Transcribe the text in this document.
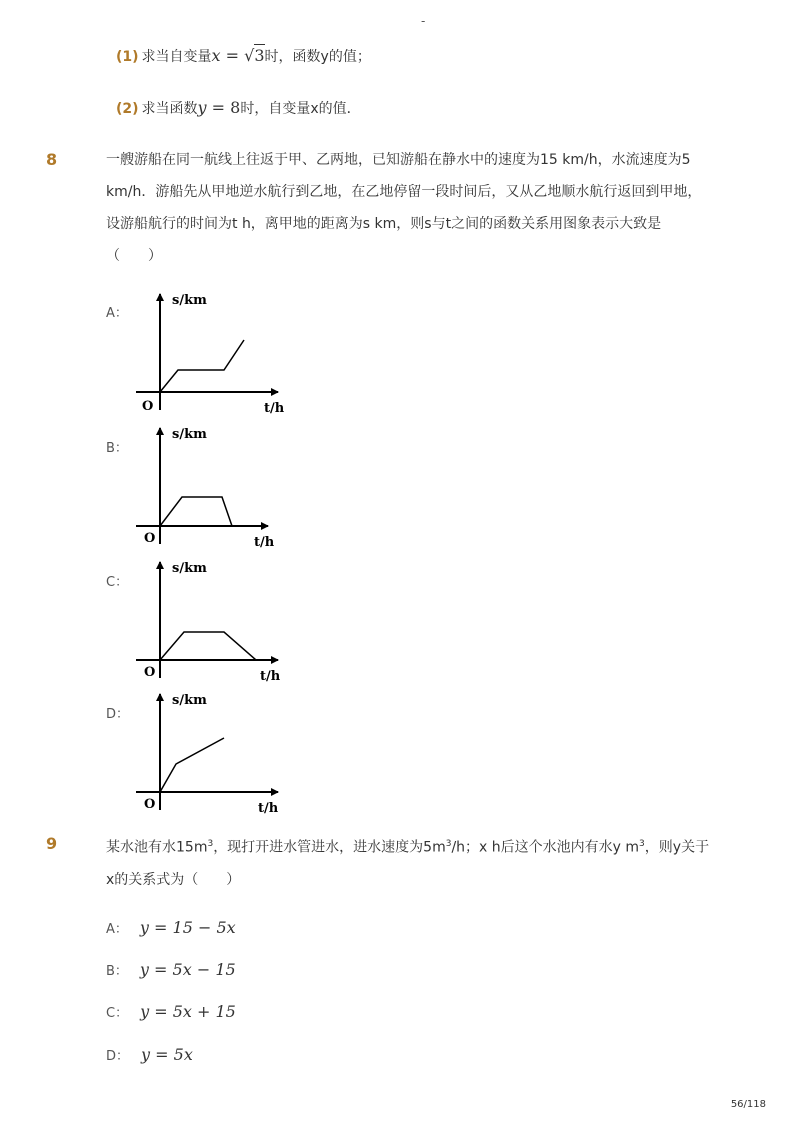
-
(1) 求当自变量x = √3时，函数y的值；
(2) 求当函数y = 8时，自变量x的值．
8	一艘游船在同一航线上往返于甲、乙两地，已知游船在静水中的速度为15 km/h，水流速度为5
km/h．游船先从甲地逆水航行到乙地，在乙地停留一段时间后，又从乙地顺水航行返回到甲地，
设游船航行的时间为t h，离甲地的距离为s km，则s与t之间的函数关系用图象表示大致是
（　　）
A：
s/km
t/h
O
B：
s/km
t/h
O
C：
s/km
t/h
O
D：
s/km
t/h
O
9	某水池有水$15m^3$，现打开进水管进水，进水速度为$5m^3/h$；x h后这个水池内有水y $m^3$，则y关于
x的关系式为（　　）
A： y = 15 − 5x
B： y = 5x − 15
C： y = 5x + 15
D： y = 5x
56/118
